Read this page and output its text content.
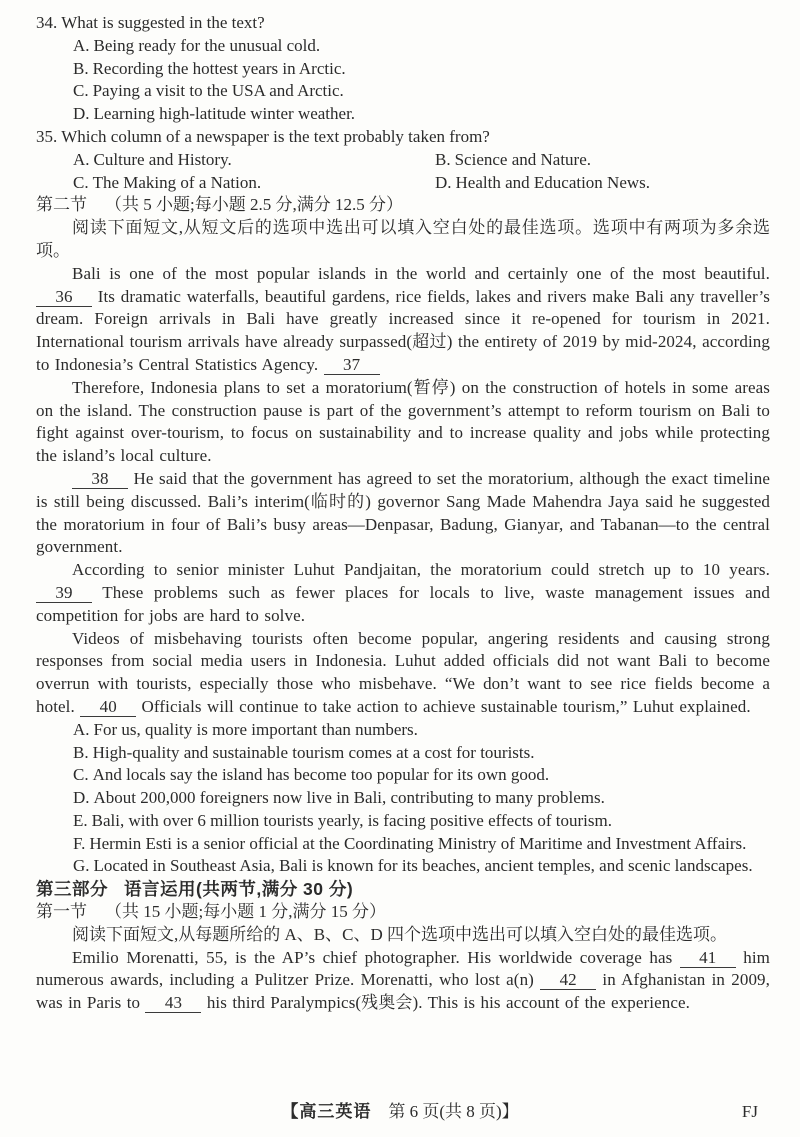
34. What is suggested in the text?
A. Being ready for the unusual cold.
B. Recording the hottest years in Arctic.
C. Paying a visit to the USA and Arctic.
D. Learning high-latitude winter weather.
35. Which column of a newspaper is the text probably taken from?
A. Culture and History.	B. Science and Nature.
C. The Making of a Nation.	D. Health and Education News.
第二节 （共 5 小题;每小题 2.5 分,满分 12.5 分）
阅读下面短文,从短文后的选项中选出可以填入空白处的最佳选项。选项中有两项为多余选项。
Bali is one of the most popular islands in the world and certainly one of the most beautiful. 36 Its dramatic waterfalls, beautiful gardens, rice fields, lakes and rivers make Bali any traveller’s dream. Foreign arrivals in Bali have greatly increased since it re-opened for tourism in 2021. International tourism arrivals have already surpassed(超过) the entirety of 2019 by mid-2024, according to Indonesia’s Central Statistics Agency. 37
Therefore, Indonesia plans to set a moratorium(暂停) on the construction of hotels in some areas on the island. The construction pause is part of the government’s attempt to reform tourism on Bali to fight against over-tourism, to focus on sustainability and to increase quality and jobs while protecting the island’s local culture.
38 He said that the government has agreed to set the moratorium, although the exact timeline is still being discussed. Bali’s interim(临时的) governor Sang Made Mahendra Jaya said he suggested the moratorium in four of Bali’s busy areas—Denpasar, Badung, Gianyar, and Tabanan—to the central government.
According to senior minister Luhut Pandjaitan, the moratorium could stretch up to 10 years. 39 These problems such as fewer places for locals to live, waste management issues and competition for jobs are hard to solve.
Videos of misbehaving tourists often become popular, angering residents and causing strong responses from social media users in Indonesia. Luhut added officials did not want Bali to become overrun with tourists, especially those who misbehave. “We don’t want to see rice fields become a hotel. 40 Officials will continue to take action to achieve sustainable tourism,” Luhut explained.
A. For us, quality is more important than numbers.
B. High-quality and sustainable tourism comes at a cost for tourists.
C. And locals say the island has become too popular for its own good.
D. About 200,000 foreigners now live in Bali, contributing to many problems.
E. Bali, with over 6 million tourists yearly, is facing positive effects of tourism.
F. Hermin Esti is a senior official at the Coordinating Ministry of Maritime and Investment Affairs.
G. Located in Southeast Asia, Bali is known for its beaches, ancient temples, and scenic landscapes.
第三部分 语言运用(共两节,满分 30 分)
第一节 （共 15 小题;每小题 1 分,满分 15 分）
阅读下面短文,从每题所给的 A、B、C、D 四个选项中选出可以填入空白处的最佳选项。
Emilio Morenatti, 55, is the AP’s chief photographer. His worldwide coverage has 41 him numerous awards, including a Pulitzer Prize. Morenatti, who lost a(n) 42 in Afghanistan in 2009, was in Paris to 43 his third Paralympics(残奥会). This is his account of the experience.
【高三英语　第 6 页(共 8 页)】	FJ
